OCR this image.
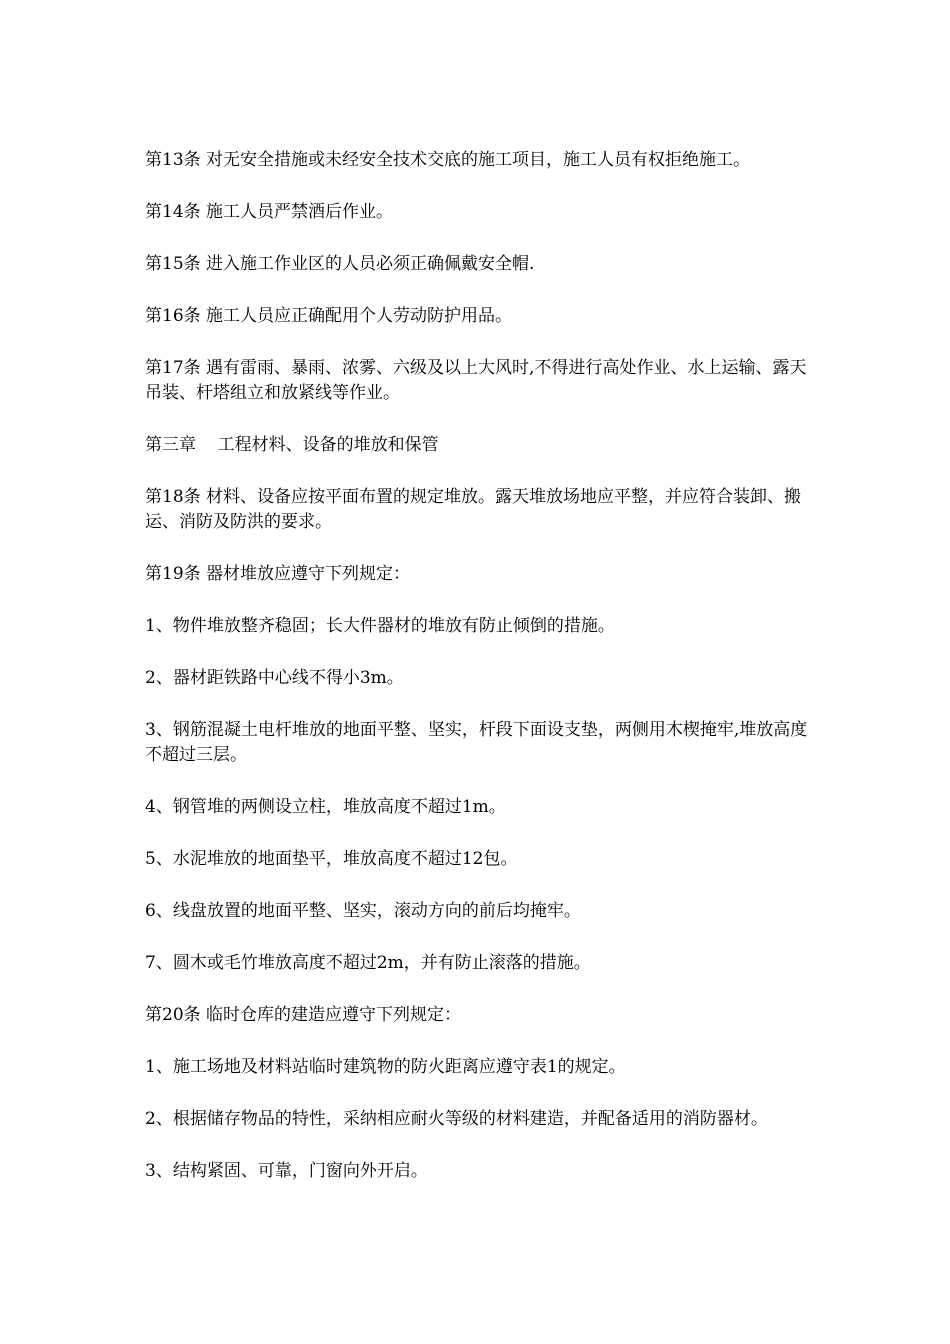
第13条 对无安全措施或未经安全技术交底的施工项目，施工人员有权拒绝施工。

第14条 施工人员严禁酒后作业。

第15条 进入施工作业区的人员必须正确佩戴安全帽.

第16条 施工人员应正确配用个人劳动防护用品。

第17条 遇有雷雨、暴雨、浓雾、六级及以上大风时,不得进行高处作业、水上运输、露天吊装、杆塔组立和放紧线等作业。

第三章    工程材料、设备的堆放和保管

第18条 材料、设备应按平面布置的规定堆放。露天堆放场地应平整，并应符合装卸、搬运、消防及防洪的要求。

第19条 器材堆放应遵守下列规定：

1、物件堆放整齐稳固；长大件器材的堆放有防止倾倒的措施。

2、器材距铁路中心线不得小3m。

3、钢筋混凝土电杆堆放的地面平整、坚实，杆段下面设支垫，两侧用木楔掩牢,堆放高度不超过三层。

4、钢管堆的两侧设立柱，堆放高度不超过1m。

5、水泥堆放的地面垫平，堆放高度不超过12包。

6、线盘放置的地面平整、坚实，滚动方向的前后均掩牢。

7、圆木或毛竹堆放高度不超过2m，并有防止滚落的措施。

第20条 临时仓库的建造应遵守下列规定：

1、施工场地及材料站临时建筑物的防火距离应遵守表1的规定。

2、根据储存物品的特性，采纳相应耐火等级的材料建造，并配备适用的消防器材。

3、结构紧固、可靠，门窗向外开启。
